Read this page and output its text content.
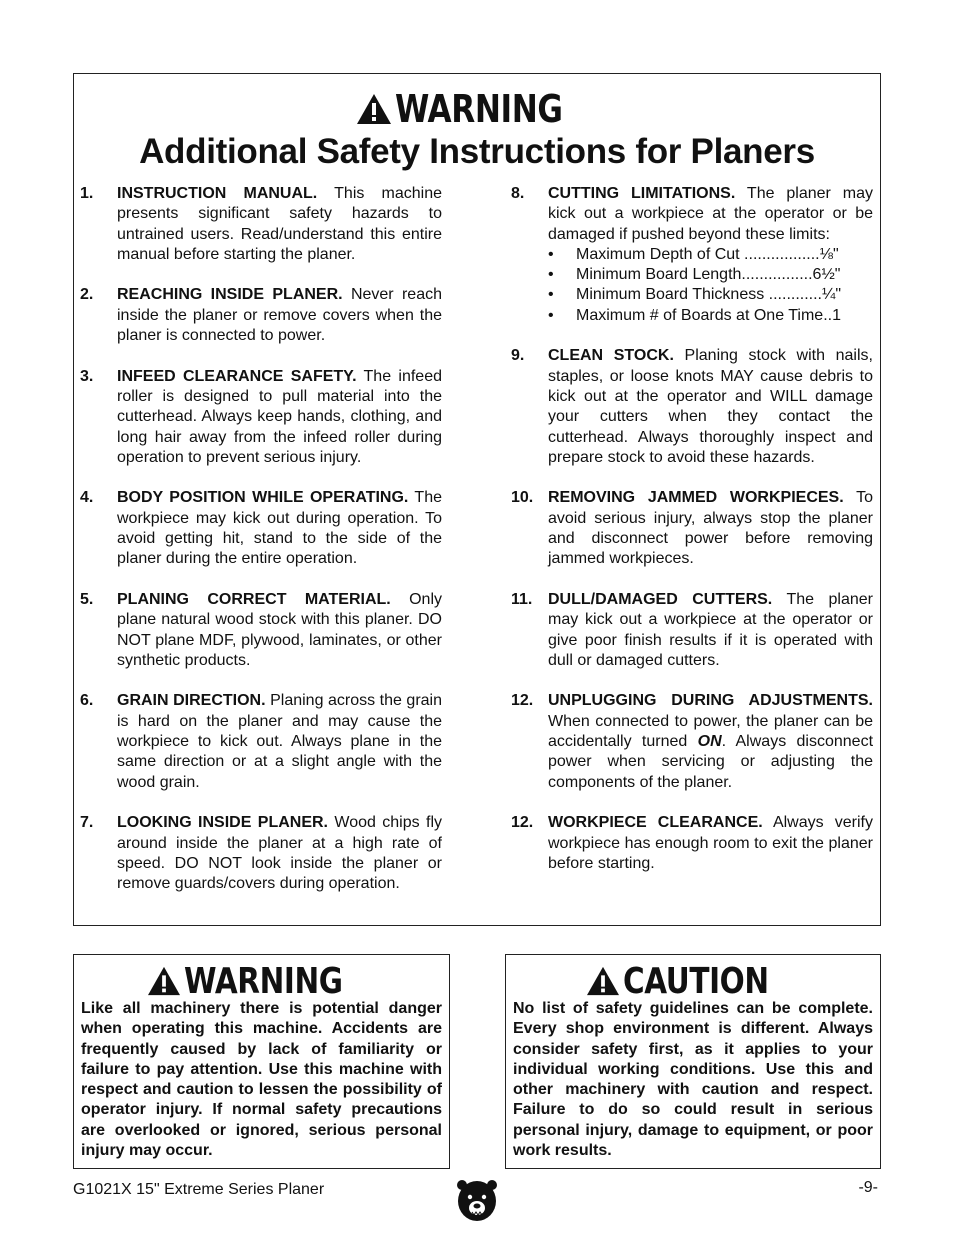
WARNING
Additional Safety Instructions for Planers
1.	INSTRUCTION MANUAL. This machine presents significant safety hazards to untrained users. Read/understand this entire manual before starting the planer.
2.	REACHING INSIDE PLANER. Never reach inside the planer or remove covers when the planer is connected to power.
3.	INFEED CLEARANCE SAFETY. The infeed roller is designed to pull material into the cutterhead. Always keep hands, clothing, and long hair away from the infeed roller during operation to prevent serious injury.
4.	BODY POSITION WHILE OPERATING. The workpiece may kick out during operation. To avoid getting hit, stand to the side of the planer during the entire operation.
5.	PLANING CORRECT MATERIAL. Only plane natural wood stock with this planer. DO NOT plane MDF, plywood, laminates, or other synthetic products.
6.	GRAIN DIRECTION. Planing across the grain is hard on the planer and may cause the workpiece to kick out. Always plane in the same direction or at a slight angle with the wood grain.
7.	LOOKING INSIDE PLANER. Wood chips fly around inside the planer at a high rate of speed. DO NOT look inside the planer or remove guards/covers during operation.
8.	CUTTING LIMITATIONS. The planer may kick out a workpiece at the operator or be damaged if pushed beyond these limits:
•	Maximum Depth of Cut .................⅛"
•	Minimum Board Length................6½"
•	Minimum Board Thickness ............¼"
•	Maximum # of Boards at One Time..1
9.	CLEAN STOCK. Planing stock with nails, staples, or loose knots MAY cause debris to kick out at the operator and WILL damage your cutters when they contact the cutterhead. Always thoroughly inspect and prepare stock to avoid these hazards.
10. REMOVING JAMMED WORKPIECES. To avoid serious injury, always stop the planer and disconnect power before removing jammed workpieces.
11. DULL/DAMAGED CUTTERS. The planer may kick out a workpiece at the operator or give poor finish results if it is operated with dull or damaged cutters.
12. UNPLUGGING DURING ADJUSTMENTS. When connected to power, the planer can be accidentally turned ON. Always disconnect power when servicing or adjusting the components of the planer.
12. WORKPIECE CLEARANCE. Always verify workpiece has enough room to exit the planer before starting.
WARNING
Like all machinery there is potential danger when operating this machine. Accidents are frequently caused by lack of familiarity or failure to pay attention. Use this machine with respect and caution to lessen the possibility of operator injury. If normal safety precautions are overlooked or ignored, serious personal injury may occur.
CAUTION
No list of safety guidelines can be complete. Every shop environment is different. Always consider safety first, as it applies to your individual working conditions. Use this and other machinery with caution and respect. Failure to do so could result in serious personal injury, damage to equipment, or poor work results.
G1021X 15" Extreme Series Planer	-9-
